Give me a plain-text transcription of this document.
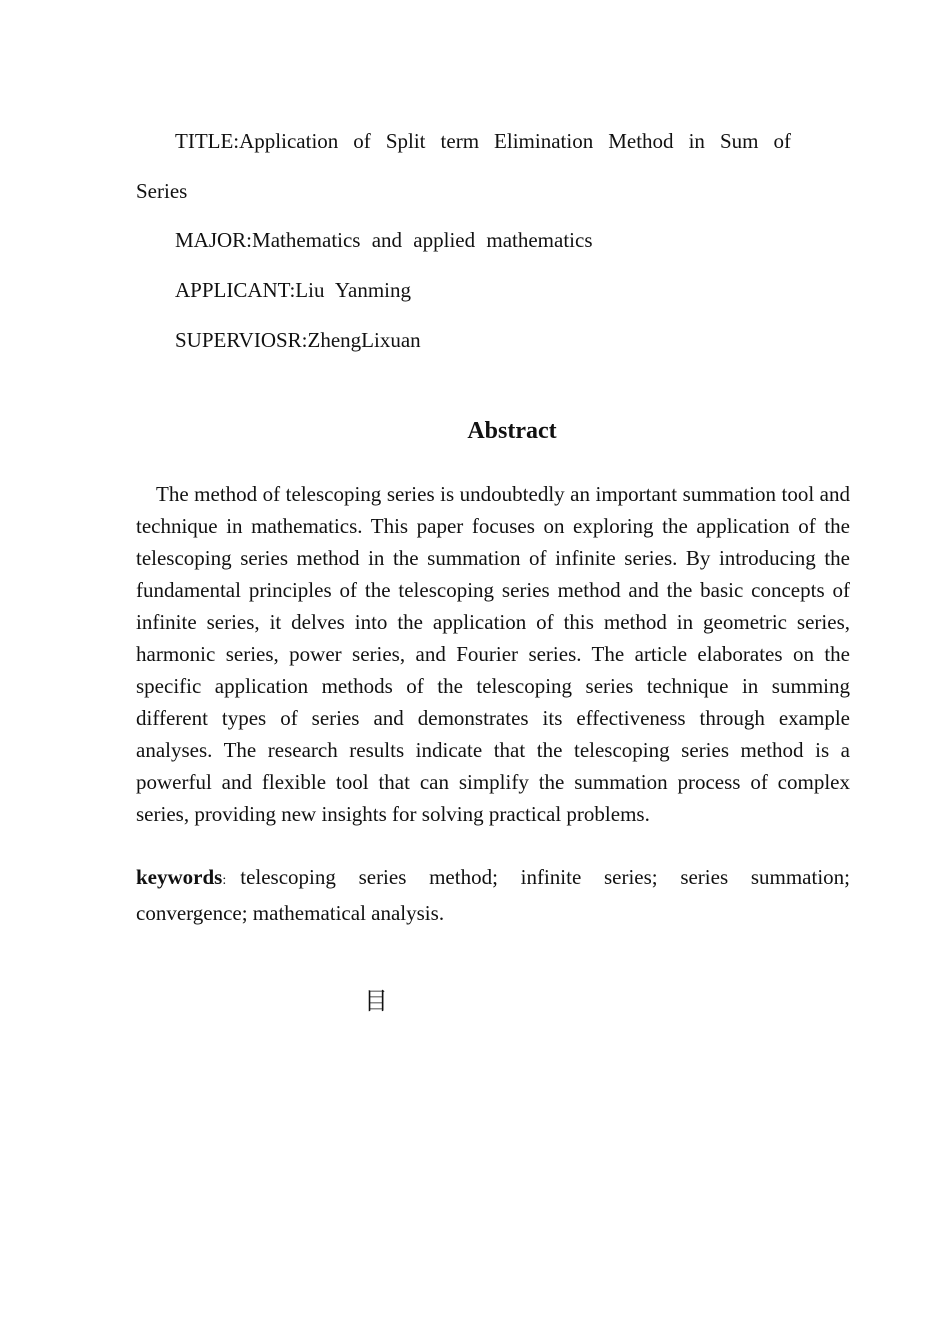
TITLE:Application of Split term Elimination Method in Sum of
Series
MAJOR:Mathematics and applied mathematics
APPLICANT:Liu Yanming
SUPERVIOSR:ZhengLixuan
Abstract

The method of telescoping series is undoubtedly an important summation tool and technique in mathematics. This paper focuses on exploring the application of the telescoping series method in the summation of infinite series. By introducing the fundamental principles of the telescoping series method and the basic concepts of infinite series, it delves into the application of this method in geometric series, harmonic series, power series, and Fourier series. The article elaborates on the specific application methods of the telescoping series technique in summing different types of series and demonstrates its effectiveness through example analyses. The research results indicate that the telescoping series method is a powerful and flexible tool that can simplify the summation process of complex series, providing new insights for solving practical problems.

keywords: telescoping series method; infinite series; series summation; convergence; mathematical analysis.

目
